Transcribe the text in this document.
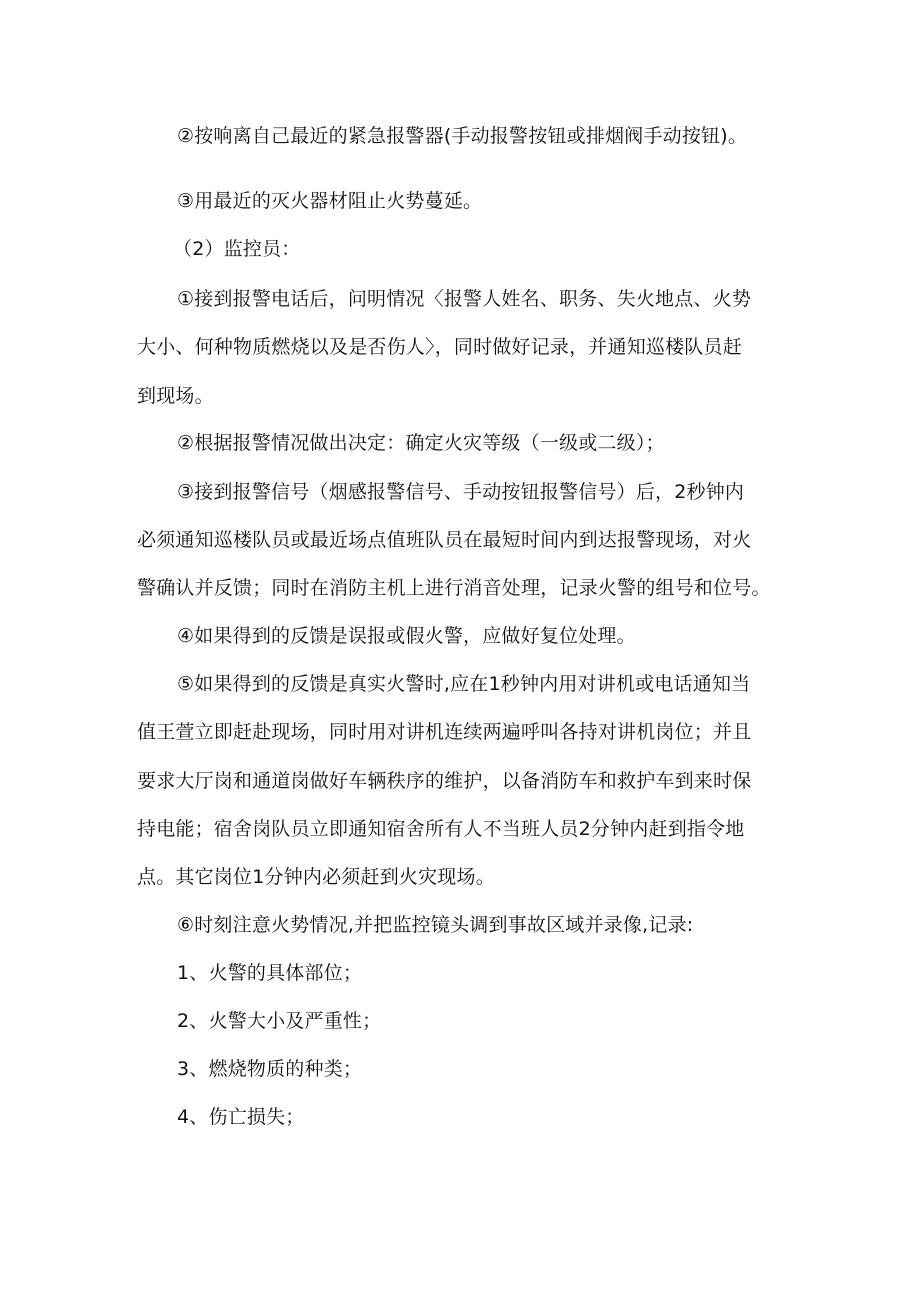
②按响离自己最近的紧急报警器(手动报警按钮或排烟阀手动按钮)。
③用最近的灭火器材阻止火势蔓延。
（2）监控员：
①接到报警电话后，问明情况〈报警人姓名、职务、失火地点、火势
大小、何种物质燃烧以及是否伤人〉，同时做好记录，并通知巡楼队员赶
到现场。
②根据报警情况做出决定：确定火灾等级（一级或二级）；
③接到报警信号（烟感报警信号、手动按钮报警信号）后，2秒钟内
必须通知巡楼队员或最近场点值班队员在最短时间内到达报警现场，对火
警确认并反馈；同时在消防主机上进行消音处理，记录火警的组号和位号。
④如果得到的反馈是误报或假火警，应做好复位处理。
⑤如果得到的反馈是真实火警时,应在1秒钟内用对讲机或电话通知当
值王萱立即赶赴现场，同时用对讲机连续两遍呼叫各持对讲机岗位；并且
要求大厅岗和通道岗做好车辆秩序的维护，以备消防车和救护车到来时保
持电能；宿舍岗队员立即通知宿舍所有人不当班人员2分钟内赶到指令地
点。其它岗位1分钟内必须赶到火灾现场。
⑥时刻注意火势情况,并把监控镜头调到事故区域并录像,记录:
1、火警的具体部位；
2、火警大小及严重性；
3、燃烧物质的种类；
4、伤亡损失；
